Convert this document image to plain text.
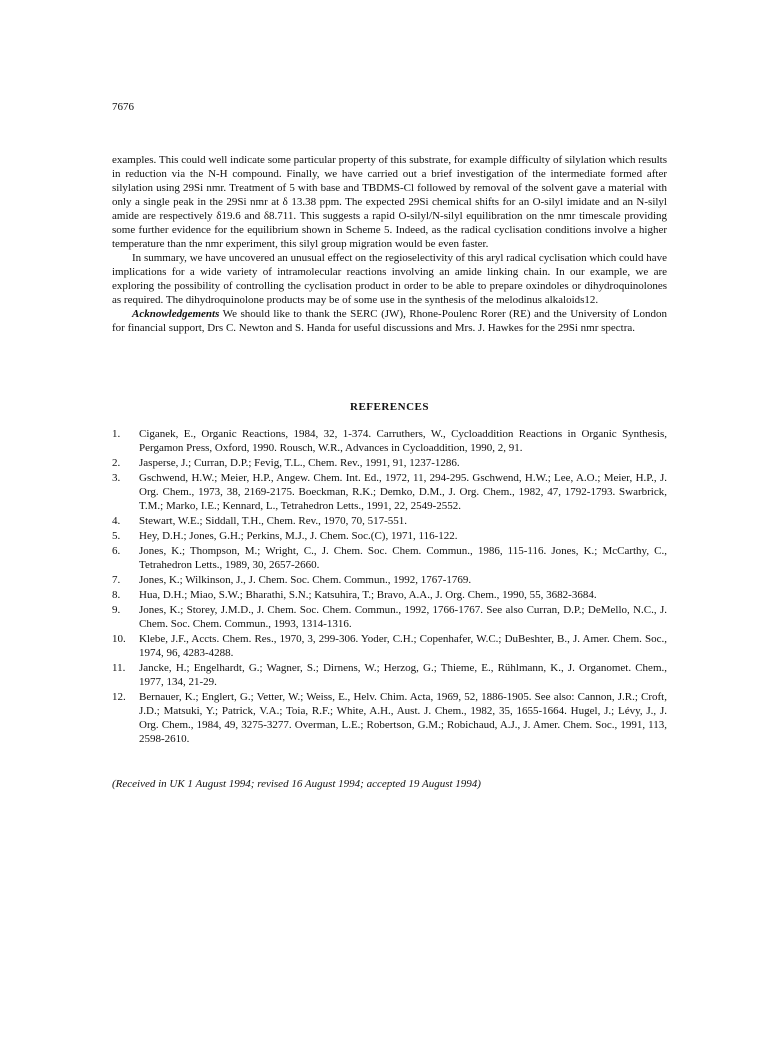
7676

examples. This could well indicate some particular property of this substrate, for example difficulty of silylation which results in reduction via the N-H compound. Finally, we have carried out a brief investigation of the intermediate formed after silylation using 29Si nmr. Treatment of 5 with base and TBDMS-Cl followed by removal of the solvent gave a material with only a single peak in the 29Si nmr at δ 13.38 ppm. The expected 29Si chemical shifts for an O-silyl imidate and an N-silyl amide are respectively δ19.6 and δ8.711. This suggests a rapid O-silyl/N-silyl equilibration on the nmr timescale providing some further evidence for the equilibrium shown in Scheme 5. Indeed, as the radical cyclisation conditions involve a higher temperature than the nmr experiment, this silyl group migration would be even faster.

In summary, we have uncovered an unusual effect on the regioselectivity of this aryl radical cyclisation which could have implications for a wide variety of intramolecular reactions involving an amide linking chain. In our example, we are exploring the possibility of controlling the cyclisation product in order to be able to prepare oxindoles or dihydroquinolones as required. The dihydroquinolone products may be of some use in the synthesis of the melodinus alkaloids12.

Acknowledgements We should like to thank the SERC (JW), Rhone-Poulenc Rorer (RE) and the University of London for financial support, Drs C. Newton and S. Handa for useful discussions and Mrs. J. Hawkes for the 29Si nmr spectra.

REFERENCES
1.	Ciganek, E., Organic Reactions, 1984, 32, 1-374. Carruthers, W., Cycloaddition Reactions in Organic Synthesis, Pergamon Press, Oxford, 1990. Rousch, W.R., Advances in Cycloaddition, 1990, 2, 91.
2.	Jasperse, J.; Curran, D.P.; Fevig, T.L., Chem. Rev., 1991, 91, 1237-1286.
3.	Gschwend, H.W.; Meier, H.P., Angew. Chem. Int. Ed., 1972, 11, 294-295. Gschwend, H.W.; Lee, A.O.; Meier, H.P., J. Org. Chem., 1973, 38, 2169-2175. Boeckman, R.K.; Demko, D.M., J. Org. Chem., 1982, 47, 1792-1793. Swarbrick, T.M.; Marko, I.E.; Kennard, L., Tetrahedron Letts., 1991, 22, 2549-2552.
4.	Stewart, W.E.; Siddall, T.H., Chem. Rev., 1970, 70, 517-551.
5.	Hey, D.H.; Jones, G.H.; Perkins, M.J., J. Chem. Soc.(C), 1971, 116-122.
6.	Jones, K.; Thompson, M.; Wright, C., J. Chem. Soc. Chem. Commun., 1986, 115-116. Jones, K.; McCarthy, C., Tetrahedron Letts., 1989, 30, 2657-2660.
7.	Jones, K.; Wilkinson, J., J. Chem. Soc. Chem. Commun., 1992, 1767-1769.
8.	Hua, D.H.; Miao, S.W.; Bharathi, S.N.; Katsuhira, T.; Bravo, A.A., J. Org. Chem., 1990, 55, 3682-3684.
9.	Jones, K.; Storey, J.M.D., J. Chem. Soc. Chem. Commun., 1992, 1766-1767. See also Curran, D.P.; DeMello, N.C., J. Chem. Soc. Chem. Commun., 1993, 1314-1316.
10.	Klebe, J.F., Accts. Chem. Res., 1970, 3, 299-306. Yoder, C.H.; Copenhafer, W.C.; DuBeshter, B., J. Amer. Chem. Soc., 1974, 96, 4283-4288.
11.	Jancke, H.; Engelhardt, G.; Wagner, S.; Dirnens, W.; Herzog, G.; Thieme, E., Rühlmann, K., J. Organomet. Chem., 1977, 134, 21-29.
12.	Bernauer, K.; Englert, G.; Vetter, W.; Weiss, E., Helv. Chim. Acta, 1969, 52, 1886-1905. See also: Cannon, J.R.; Croft, J.D.; Matsuki, Y.; Patrick, V.A.; Toia, R.F.; White, A.H., Aust. J. Chem., 1982, 35, 1655-1664. Hugel, J.; Lévy, J., J. Org. Chem., 1984, 49, 3275-3277. Overman, L.E.; Robertson, G.M.; Robichaud, A.J., J. Amer. Chem. Soc., 1991, 113, 2598-2610.
(Received in UK 1 August 1994; revised 16 August 1994; accepted 19 August 1994)
